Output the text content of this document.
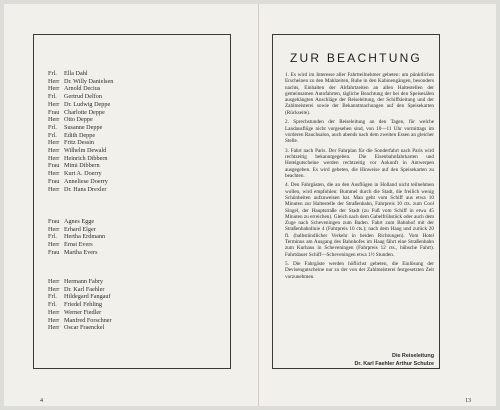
Frl.	Ella Dahl
Herr Dr. Willy Danielsen
Herr Arnold Decius
Frl.	Gertrud Delfon
Herr Dr. Ludwig Deppe
Frau Charlotte Deppe
Herr Otto Deppe
Frl.	Susanne Deppe
Frl.	Edith Deppe
Herr Fritz Dessin
Herr Wilhelm Dewald
Herr Heinrich Dibbern
Frau Mimi Dibbern
Herr Kurt A. Doerry
Frau Anneliese Doerry
Herr Dr. Hans Drexler
Frau Agnes Egge
Herr Erhard Elger
Frl.	Hertha Erdmann
Herr Ernst Evers
Frau Martha Evers
Herr Hermann Fabry
Herr Dr. Karl Faehler
Frl.	Hildegard Fangauf
Frl.	Friedel Fehling
Herr Werner Fiedler
Herr Manfred Forschner
Herr Oscar Fraenckel
ZUR BEACHTUNG

1. Es wird im Interesse aller Fahrtteilnehmer gebeten: um pünktliches Erscheinen zu den Mahlzeiten, Ruhe in den Kabinengängen, besonders nachts, Einhalten der Abfahrtzeiten an allen Haltestellen der gemeinsamen Autofahrten, tägliche Beachtung der bei den Speisesälen ausgehängten Anschläge der Reiseleitung, der Schiffsleitung und der Zahlmeisterei sowie der Bekanntmachungen auf den Speisekarten (Rückseite).

2. Sprechstunden der Reiseleitung an den Tagen, für welche Landausflüge nicht vorgesehen sind, von 10—11 Uhr vormittags im vorderen Rauchsalon, auch abends nach dem zweiten Essen an gleicher Stelle.

3. Fahrt nach Paris. Der Fahrplan für die Sonderfahrt nach Paris wird rechtzeitig bekanntgegeben. Die Eisenbahnfahrkarten und Hotelgutscheine werden rechtzeitig vor Ankunft in Antwerpen ausgegeben. Es wird gebeten, die Hinweise auf den Speisekarten zu beachten.

4. Den Fahrgästen, die an den Ausflügen in Holland nicht teilnehmen wollen, wird empfohlen: Bummel durch die Stadt, die freilich wenig Schönheiten aufzuweisen hat. Man geht vom Schiff aus etwa 10 Minuten zur Haltestelle der Straßenbahn, Fahrpreis 10 cts. zum Cool Singel, der Hauptstraße der Stadt (zu Fuß vom Schiff in etwa 45 Minuten zu erreichen). Gleich nach dem Gabelfrühstück oder auch dem Zuge nach Scheveningen zum Baden. Fahrt zum Bahnhof mit der Straßenbahnlinie 4 (Fahrpreis 10 cts.); nach dem Haag und zurück 20 fl. (halbstündlicher Verkehr in beiden Richtungen). Vom Hotel Terminus am Ausgang des Bahnhofes im Haag fährt eine Straßenbahn zum Kurhaus in Scheveningen (Fahrpreis 12 cts., hübsche Fahrt). Fahrtdauer Schiff—Scheveningen etwa 1½ Stunden.

5. Die Fahrgäste werden höflichst gebeten, die Einlösung der Devisengutscheine nur zu der von der Zahlmeisterei festgesetzten Zeit vorzunehmen.

Die Reiseleitung
Dr. Karl Faehler Arthur Schulze
4	13
